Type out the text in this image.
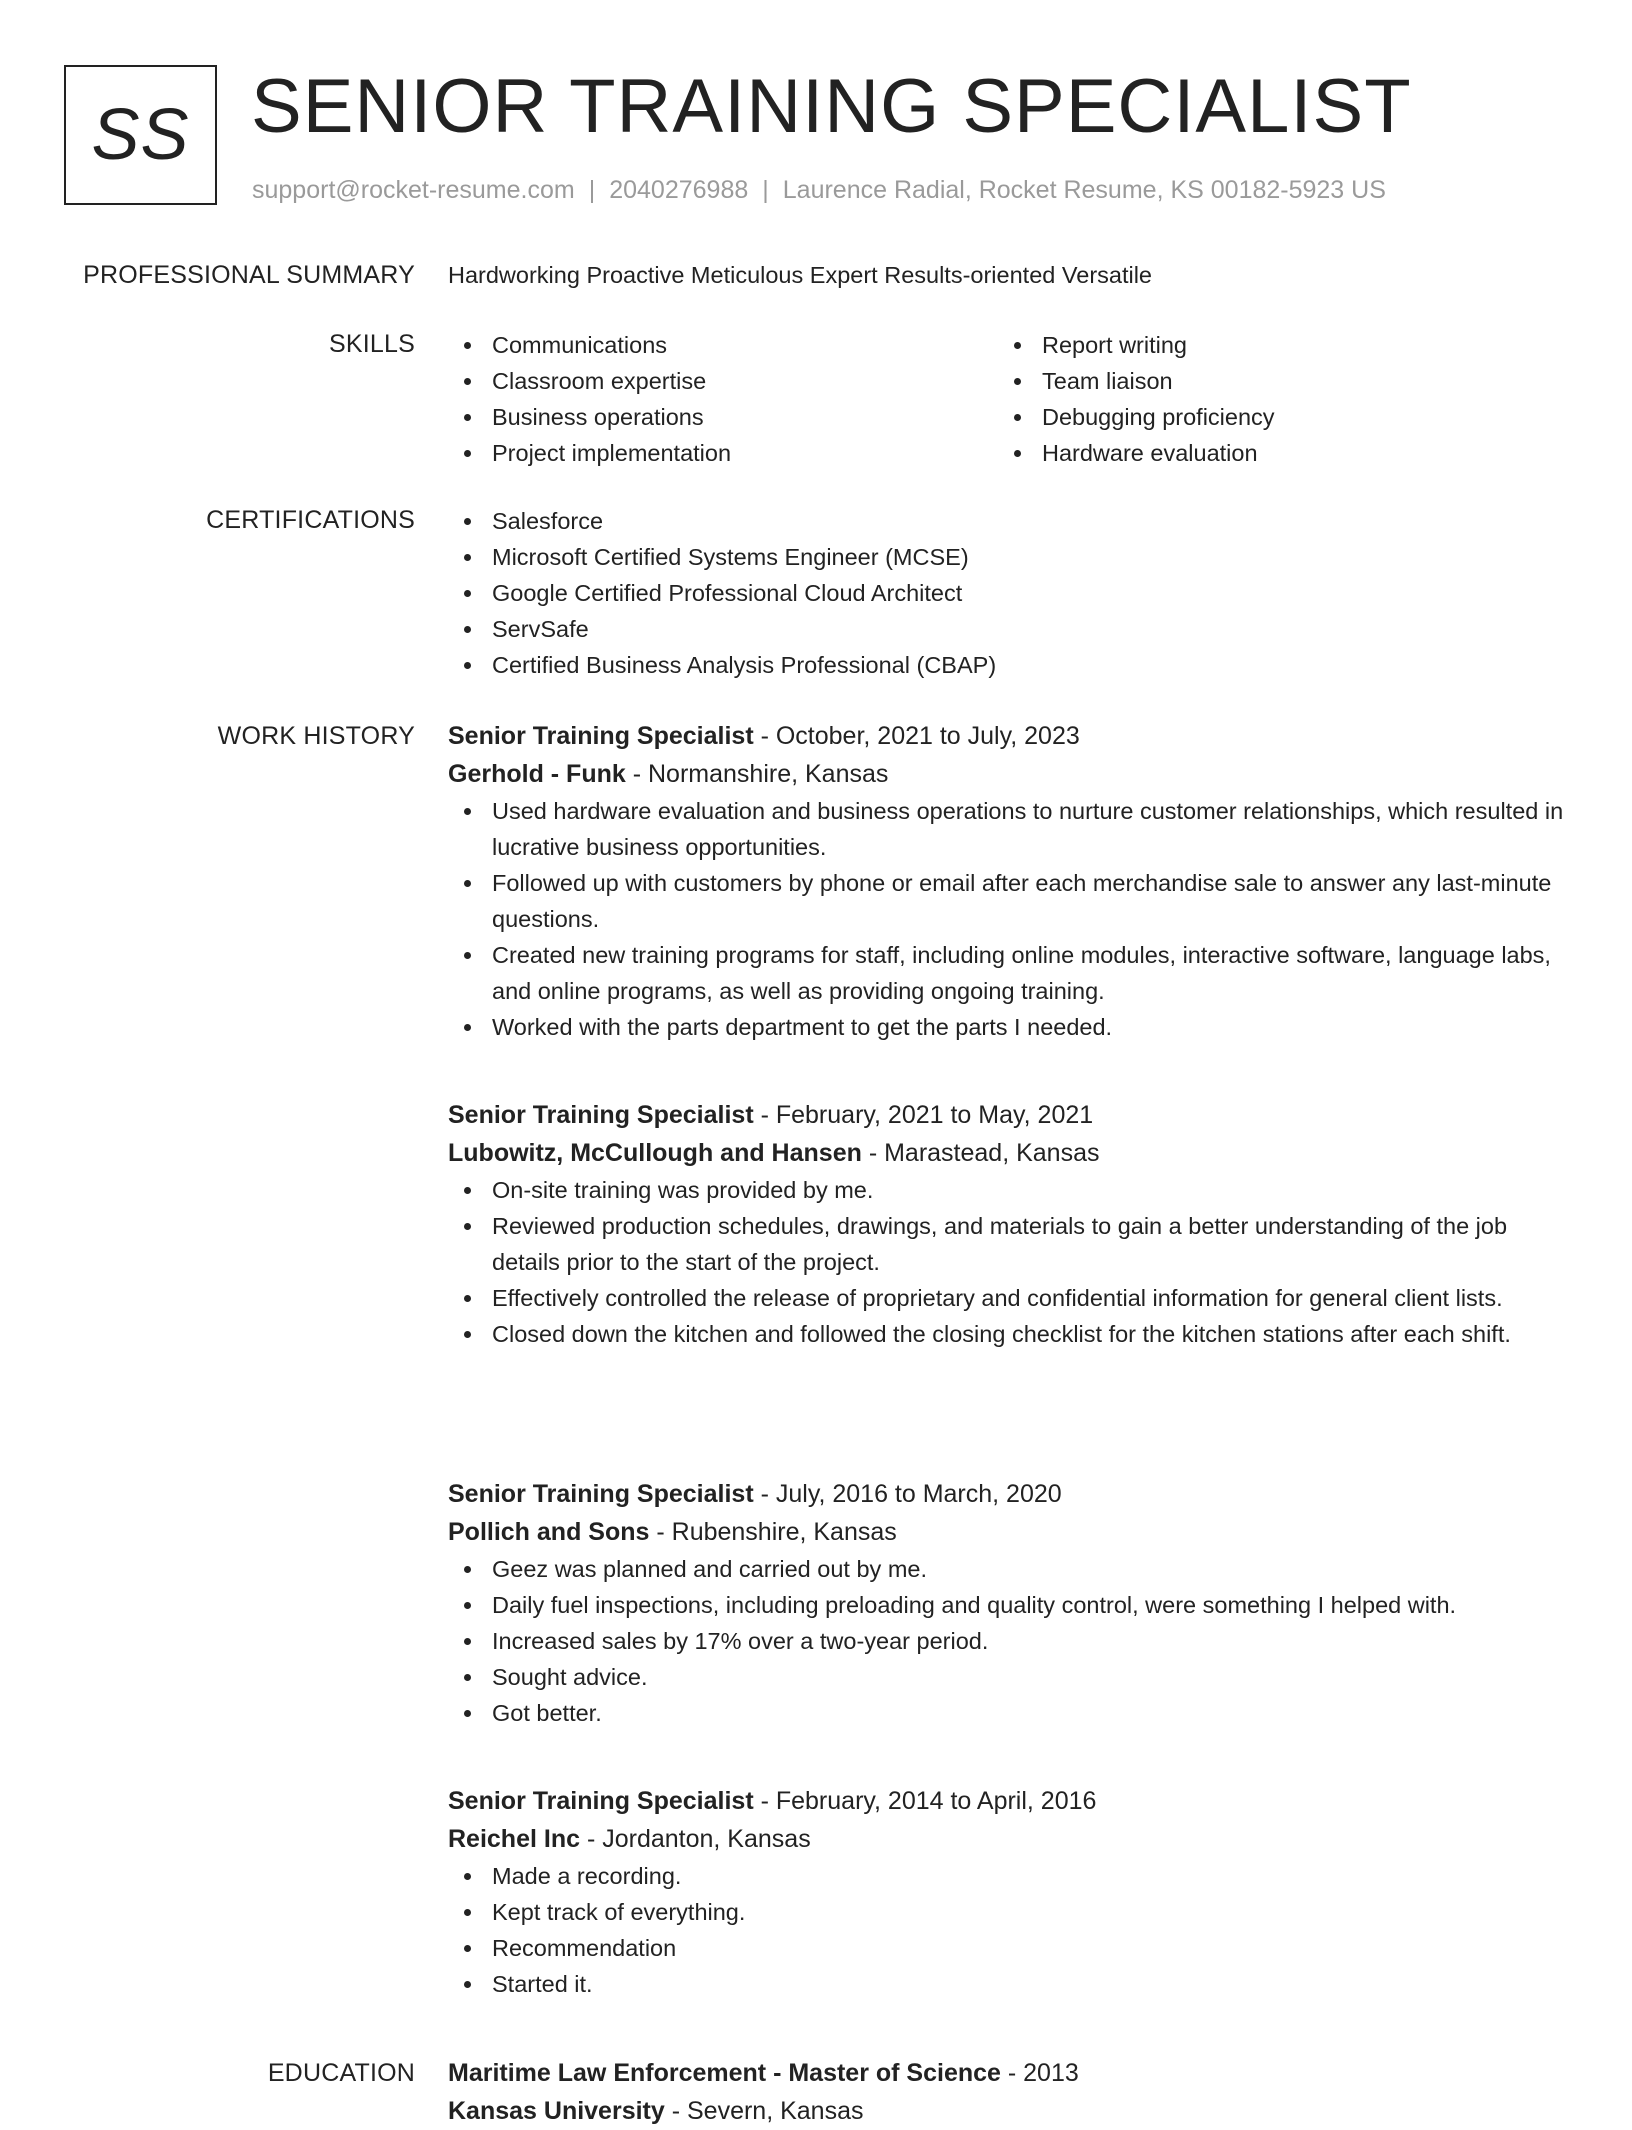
SS SENIOR TRAINING SPECIALIST
support@rocket-resume.com | 2040276988 | Laurence Radial, Rocket Resume, KS 00182-5923 US
PROFESSIONAL SUMMARY Hardworking Proactive Meticulous Expert Results-oriented Versatile
SKILLS	Communications
Classroom expertise
Business operations
Project implementation
Report writing
Team liaison
Debugging proficiency
Hardware evaluation
CERTIFICATIONS	Salesforce
Microsoft Certified Systems Engineer (MCSE)
Google Certified Professional Cloud Architect
ServSafe
Certified Business Analysis Professional (CBAP)
WORK HISTORY Senior Training Specialist - October, 2021 to July, 2023
Gerhold - Funk - Normanshire, Kansas
Used hardware evaluation and business operations to nurture customer relationships, which resulted in lucrative business opportunities.
Followed up with customers by phone or email after each merchandise sale to answer any last-minute questions.
Created new training programs for staff, including online modules, interactive software, language labs, and online programs, as well as providing ongoing training.
Worked with the parts department to get the parts I needed.
Senior Training Specialist - February, 2021 to May, 2021
Lubowitz, McCullough and Hansen - Marastead, Kansas
On-site training was provided by me.
Reviewed production schedules, drawings, and materials to gain a better understanding of the job details prior to the start of the project.
Effectively controlled the release of proprietary and confidential information for general client lists.
Closed down the kitchen and followed the closing checklist for the kitchen stations after each shift.
Senior Training Specialist - July, 2016 to March, 2020
Pollich and Sons - Rubenshire, Kansas
Geez was planned and carried out by me.
Daily fuel inspections, including preloading and quality control, were something I helped with.
Increased sales by 17% over a two-year period.
Sought advice.
Got better.
Senior Training Specialist - February, 2014 to April, 2016
Reichel Inc - Jordanton, Kansas
Made a recording.
Kept track of everything.
Recommendation
Started it.
EDUCATION Maritime Law Enforcement - Master of Science - 2013
Kansas University - Severn, Kansas
